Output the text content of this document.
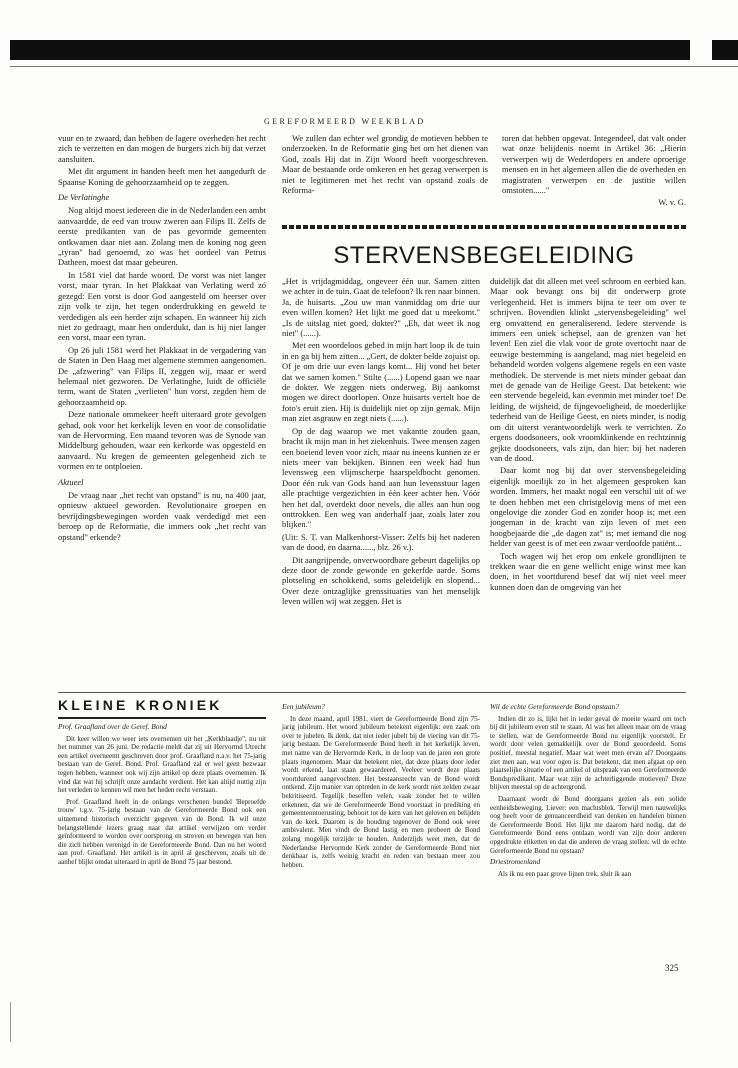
GEREFORMEERD WEEKBLAD

vuur en te zwaard, dan hebben de lagere overheden het recht zich te verzetten en dan mogen de burgers zich bij dat verzet aansluiten.

Met dit argument in handen heeft men het aangedurft de Spaanse Koning de gehoorzaamheid op te zeggen.

De Verlatinghe

Nog altijd moest iedereen die in de Nederlanden een ambt aanvaardde, de eed van trouw zweren aan Filips II. Zelfs de eerste predikanten van de pas gevormde gemeenten ontkwamen daar niet aan. Zolang men de koning nog geen „tyran" had genoemd, zo was het oordeel van Petrus Datheen, moest dat maar gebeuren.

In 1581 viel dat harde woord. De vorst was niet langer vorst, maar tyran. In het Plakkaat van Verlating werd zó gezegd: Een vorst is door God aangesteld om heerser over zijn volk te zijn, het tegen onderdrukking en geweld te verdedigen als een herder zijn schapen. En wanneer hij zich niet zo gedraagt, maar hen onderdukt, dan is hij niet langer een vorst, maar een tyran.

Op 26 juli 1581 werd het Plakkaat in de vergadering van de Staten in Den Haag met algemene stemmen aangenomen. De „afzwering" van Filips II, zeggen wij, maar er werd helemaal niet gezworen. De Verlatinghe, luidt de officiële term, want de Staten „verlieten" hun vorst, zegden hem de gehoorzaamheid op.

Deze nationale ommekeer heeft uiteraard grote gevolgen gehad, ook voor het kerkelijk leven en voor de consolidatie van de Hervorming. Een maand tevoren was de Synode van Middelburg gehouden, waar een kerkorde was opgesteld en aanvaard. Nu kregen de gemeenten gelegenheid zich te vormen en te ontploeien.

Aktueel

De vraag naar „het recht van opstand" is nu, na 400 jaar, opnieuw aktueel geworden. Revolutionaire groepen en bevrijdingsbewegingen worden vaak verdedigd met een beroep op de Reformatie, die immers ook „het recht van opstand" erkende?

We zullen dan echter wel grondig de motieven hebben te onderzoeken. In de Reformatie ging het om het dienen van God, zoals Hij dat in Zijn Woord heeft voorgeschreven. Maar de bestaande orde omkeren en het gezag verwerpen is niet te legitimeren met het recht van opstand zoals de Reforma-

toren dat hebben opgevat. Integendeel, dat valt onder wat onze belijdenis noemt in Artikel 36: „Hierin verwerpen wij de Wederdopers en andere oproerige mensen en in het algemeen allen die de overheden en magistraten verwerpen en de justitie willen omstoten......"

W. v. G.

STERVENSBEGELEIDING

„Het is vrijdagmiddag, ongeveer één uur. Samen zitten we achter in de tuin. Gaat de telefoon? Ik ren naar binnen. Ja, de huisarts. „Zou uw man vanmiddag om drie uur even willen komen? Het lijkt me goed dat u meekomt." „Is de uitslag niet goed, dokter?" „Eh, dat weet ik nog niet" (......).

Met een woordeloos gebed in mijn hart loop ik de tuin in en ga bij hem zitten... „Gert, de dokter belde zojuist op. Of je om drie uur even langs komt... Hij vond het beter dat we samen komen." Stilte (......) Lopend gaan we naar de dokter. We zeggen niets onderweg. Bij aankomst mogen we direct doorlopen. Onze huisarts vertelt hoe de foto's eruit zien. Hij is duidelijk niet op zijn gemak. Mijn man ziet asgrauw en zegt niets (......).

Op de dag waarop we met vakantie zouden gaan, bracht ik mijn man in het ziekenhuis. Twee mensen zagen een boeiend leven voor zich, maar nu ineens kunnen ze er niets meer van bekijken. Binnen een week had hun levensweg een vlijmscherpe haarspeldbocht genomen. Door één ruk van Gods hand aan hun levensstuur lagen alle prachtige vergezichten in één keer achter hen. Vóór hen het dal, overdekt door nevels, die alles aan hun oog onttrokken. Een weg van anderhalf jaar, zoals later zou blijken."

(Uit: S. T. van Malkenhorst-Visser: Zelfs bij het naderen van de dood, en daarna......, blz. 26 v.).

Dit aangrijpende, onverwoordbare gebeurt dagelijks op deze door de zonde gewonde en gekerfde aarde. Soms plotseling en schokkend, soms geleidelijk en slopend... Over deze ontzaglijke grenssituaties van het menselijk leven willen wij wat zeggen. Het is

duidelijk dat dit alleen met veel schroom en eerbied kan. Maar ook bevangt ons bij dit onderwerp grote verlegenheid. Het is immers bijna te teer om over te schrijven. Bovendien klinkt „stervensbegeleiding" wel erg omvattend en generaliserend. Iedere stervende is immers een uniek schepsel, aan de grenzen van het leven! Een ziel die vlak voor de grote overtocht naar de eeuwige bestemming is aangeland, mag niet begeleid en behandeld worden volgens algemene regels en een vaste methodiek. De stervende is met niets minder gebaat dan met de genade van de Heilige Geest. Dat betekent: wie een stervende begeleid, kan evenmin met minder toe! De leiding, de wijsheid, de fijngevoeligheid, de moederlijke tederheid van de Heilige Geest, en niets minder, is nodig om dit uiterst verantwoordelijk werk te verrichten. Zo ergens doodsoneers, ook vroomklinkende en rechtzinnig gejkte doodsoneers, vals zijn, dan hier: bij het naderen van de dood.

Daar komt nog bij dat over stervensbegeleiding eigenlijk moeilijk zo in het algemeen gesproken kan worden. Immers, het maakt nogal een verschil uit of we te doen hebben met een christgelovig mens of met een ongelovige die zonder God en zonder hoop is; met een jongeman in de kracht van zijn leven of met een hoogbejaarde die „de dagen zat" is; met iemand die nog helder van geest is of met een zwaar verdoofde patiënt...

Toch wagen wij het erop om enkele grondlijnen te trekken waar die en gene wellicht enige winst mee kan doen, in het voortdurend besef dat wij niet veel meer kunnen doen dan de omgeving van het

KLEINE KRONIEK
Prof. Graafland over de Geref. Bond

Dit keer willen we weer iets overnemen uit het „Kerkblaadje", nu uit het nummer van 26 juni. De redactie meldt dat zij uit Hervormd Utrecht een artikel overneemt geschreven door prof. Graafland n.a.v. het 75-jarig bestaan van de Geref. Bond. Prof. Graafland zal er wel geen bezwaar tegen hebben, wanneer ook wij zijn artikel op deze plaats overnemen. Ik vind dat wat hij schrijft onze aandacht verdient. Het kan altijd nuttig zijn het verleden te kennen wil men het heden recht verstaan.

Prof. Graafland heeft in de onlangs verschenen bundel 'Beproefde trouw' t.g.v. 75-jarig bestaan van de Gereformeerde Bond ook een uitnemend historisch overzicht gegeven van de Bond. Ik wil onze belangstellende lezers graag naar dat artikel verwijzen om verder geïnformeerd te worden over oorsprong en streven en bewegen van hen die zich hebben verenigd in de Gereformeerde Bond. Dan nu het woord aan prof. Graafland. Het artikel is in april al geschreven, zoals uit de aanhef blijkt omdat uiteraard in april de Bond 75 jaar bestond.

Een jubileum?

In deze maand, april 1981, viert de Gereformeerde Bond zijn 75-jarig jubileum. Het woord jubileum betekent eigenlijk: een zaak om over te jubelen. Ik denk, dat niet ieder jubelt bij de viering van dit 75-jarig bestaan. De Gereformeerde Bond heeft in het kerkelijk leven, met name van de Hervormde Kerk, in de loop van de jaren een grote plaats ingenomen. Maar dat betekent niet, dat deze plaats door ieder wordt erkend, laat staan gewaardeerd. Veeleer wordt deze plaats voortdurend aangevochten. Het bestaansrecht van de Bond wordt ontkend. Zijn manier van optreden in de kerk wordt niet zelden zwaar bekritiseerd. Tegelijk beseffen velen, vaak zonder het te willen erkennen, dat we de Gereformeerde Bond voorstaat in prediking en gemeenteontoerusting, behoort tot de kern van het geloven en belijden van de kerk. Daarom is de houding tegenover de Bond ook weer ambivalent. Men vindt de Bond lastig en men probeert de Bond zolang mogelijk terzijde te houden. Anderzijds weet men, dat de Nederlandse Hervormde Kerk zonder de Gereformeerde Bond niet denkbaar is, zelfs weinig kracht en reden van bestaan meer zou hebben.

Wil de echte Gereformeerde Bond opstaan?

Indien dit zo is, lijkt het in ieder geval de moeite waard om toch bij dit jubileum even stil te staan. Al was het alleen maar om de vraag te stellen, wat de Gereformeerde Bond nu eigenlijk voorstelt. Er wordt door velen gemakkelijk over de Bond geoordeeld. Soms positief, meestal negatief. Maar wat weet men ervan af? Doorgaans ziet men aan, wat voor ogen is. Dat betekent, dat men afgaat op een plaatselijke situatie of een artikel of uitspraak van een Gereformeerde Bondspredikant. Maar wat zijn de achterliggende motieven? Deze blijven meestal op de achtergrond.

Daarnaast wordt de Bond doorgaans gezien als een solide eenheidsbeweging. Liever: een machtsblok. Terwijl men nauwelijks oog heeft voor de genuanceerdheid van denken en handelen binnen de Gereformeerde Bond. Het lijkt me daarom hard nodig, dat de Gereformeerde Bond eens ontdaan wordt van zijn door anderen opgedrukte etiketten en dat die anderen de vraag stellen: wil de echte Gereformeerde Bond nu opstaan?

Driestromenland

Als ik nu een paar grove lijnen trek, sluit ik aan

325
